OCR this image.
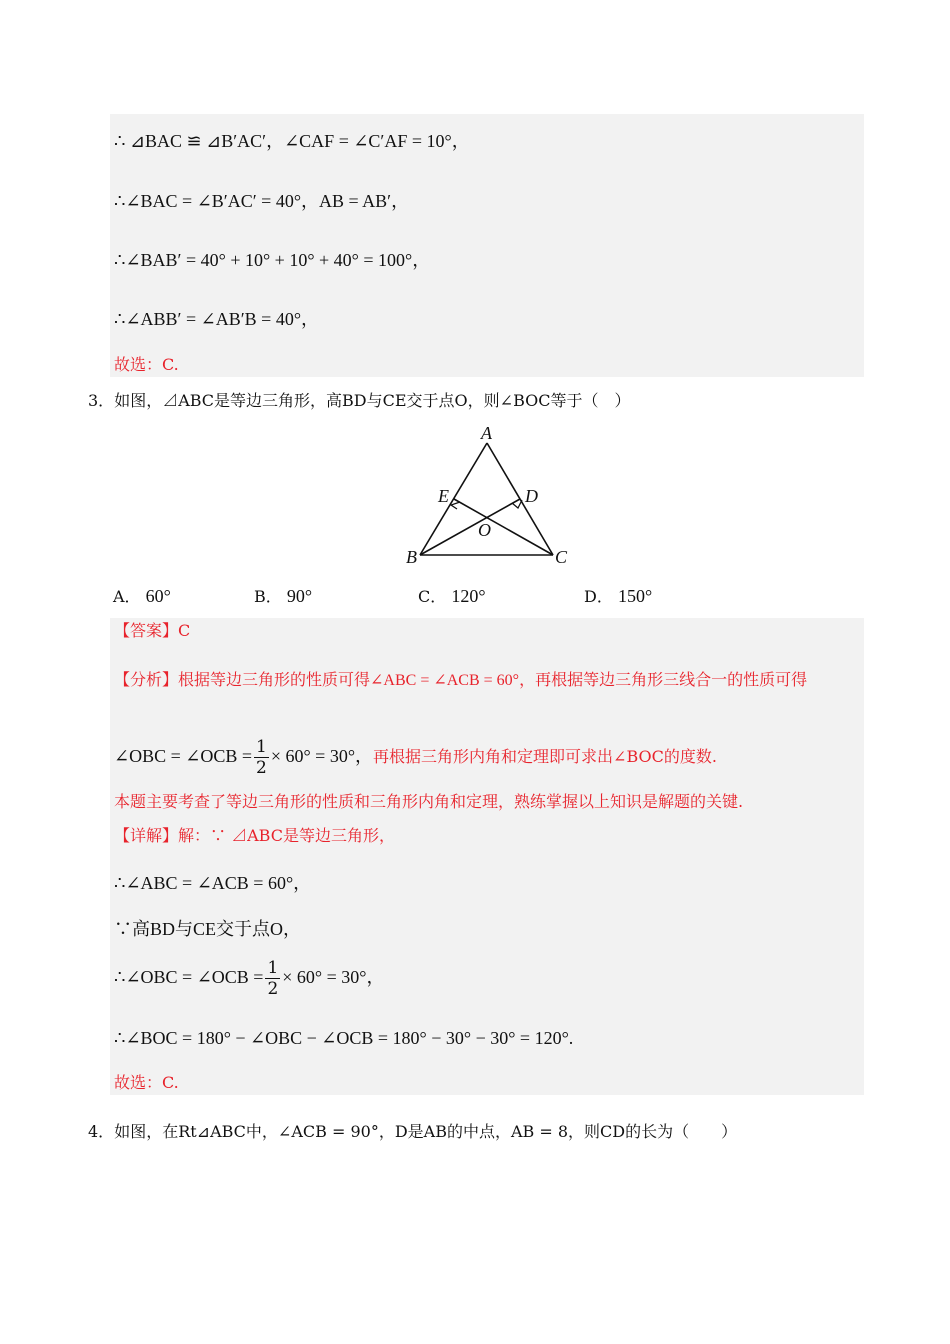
∴ ⊿BAC ≌ ⊿B′AC′，∠CAF = ∠C′AF = 10°，
∴∠BAC = ∠B′AC′ = 40°，AB = AB′，
∴∠BAB′ = 40° + 10° + 10° + 40° = 100°，
∴∠ABB′ = ∠AB′B = 40°，
故选：C.
3．如图，⊿ABC是等边三角形，高BD与CE交于点O，则∠BOC等于（　）
A
B	C
D
E
O
A． 60°	B． 90°	C． 120°	D． 150°
【答案】C
【分析】根据等边三角形的性质可得∠ABC = ∠ACB = 60°，再根据等边三角形三线合一的性质可得
∠OBC = ∠OCB = $\frac{1}{2} \times 60^\circ = 30^\circ$，再根据三角形内角和定理即可求出∠BOC的度数.
本题主要考查了等边三角形的性质和三角形内角和定理，熟练掌握以上知识是解题的关键.
【详解】解：∵ ⊿ABC是等边三角形，
∴∠ABC = ∠ACB = 60°，
∵高BD与CE交于点O，
∴∠OBC = ∠OCB = $\frac{1}{2} \times 60^\circ = 30^\circ$，
∴∠BOC = 180° − ∠OBC − ∠OCB = 180° − 30° − 30° = 120°.
故选：C.
4．如图，在Rt⊿ABC中，∠ACB = 90°，D是AB的中点，AB = 8，则CD的长为（　　）
